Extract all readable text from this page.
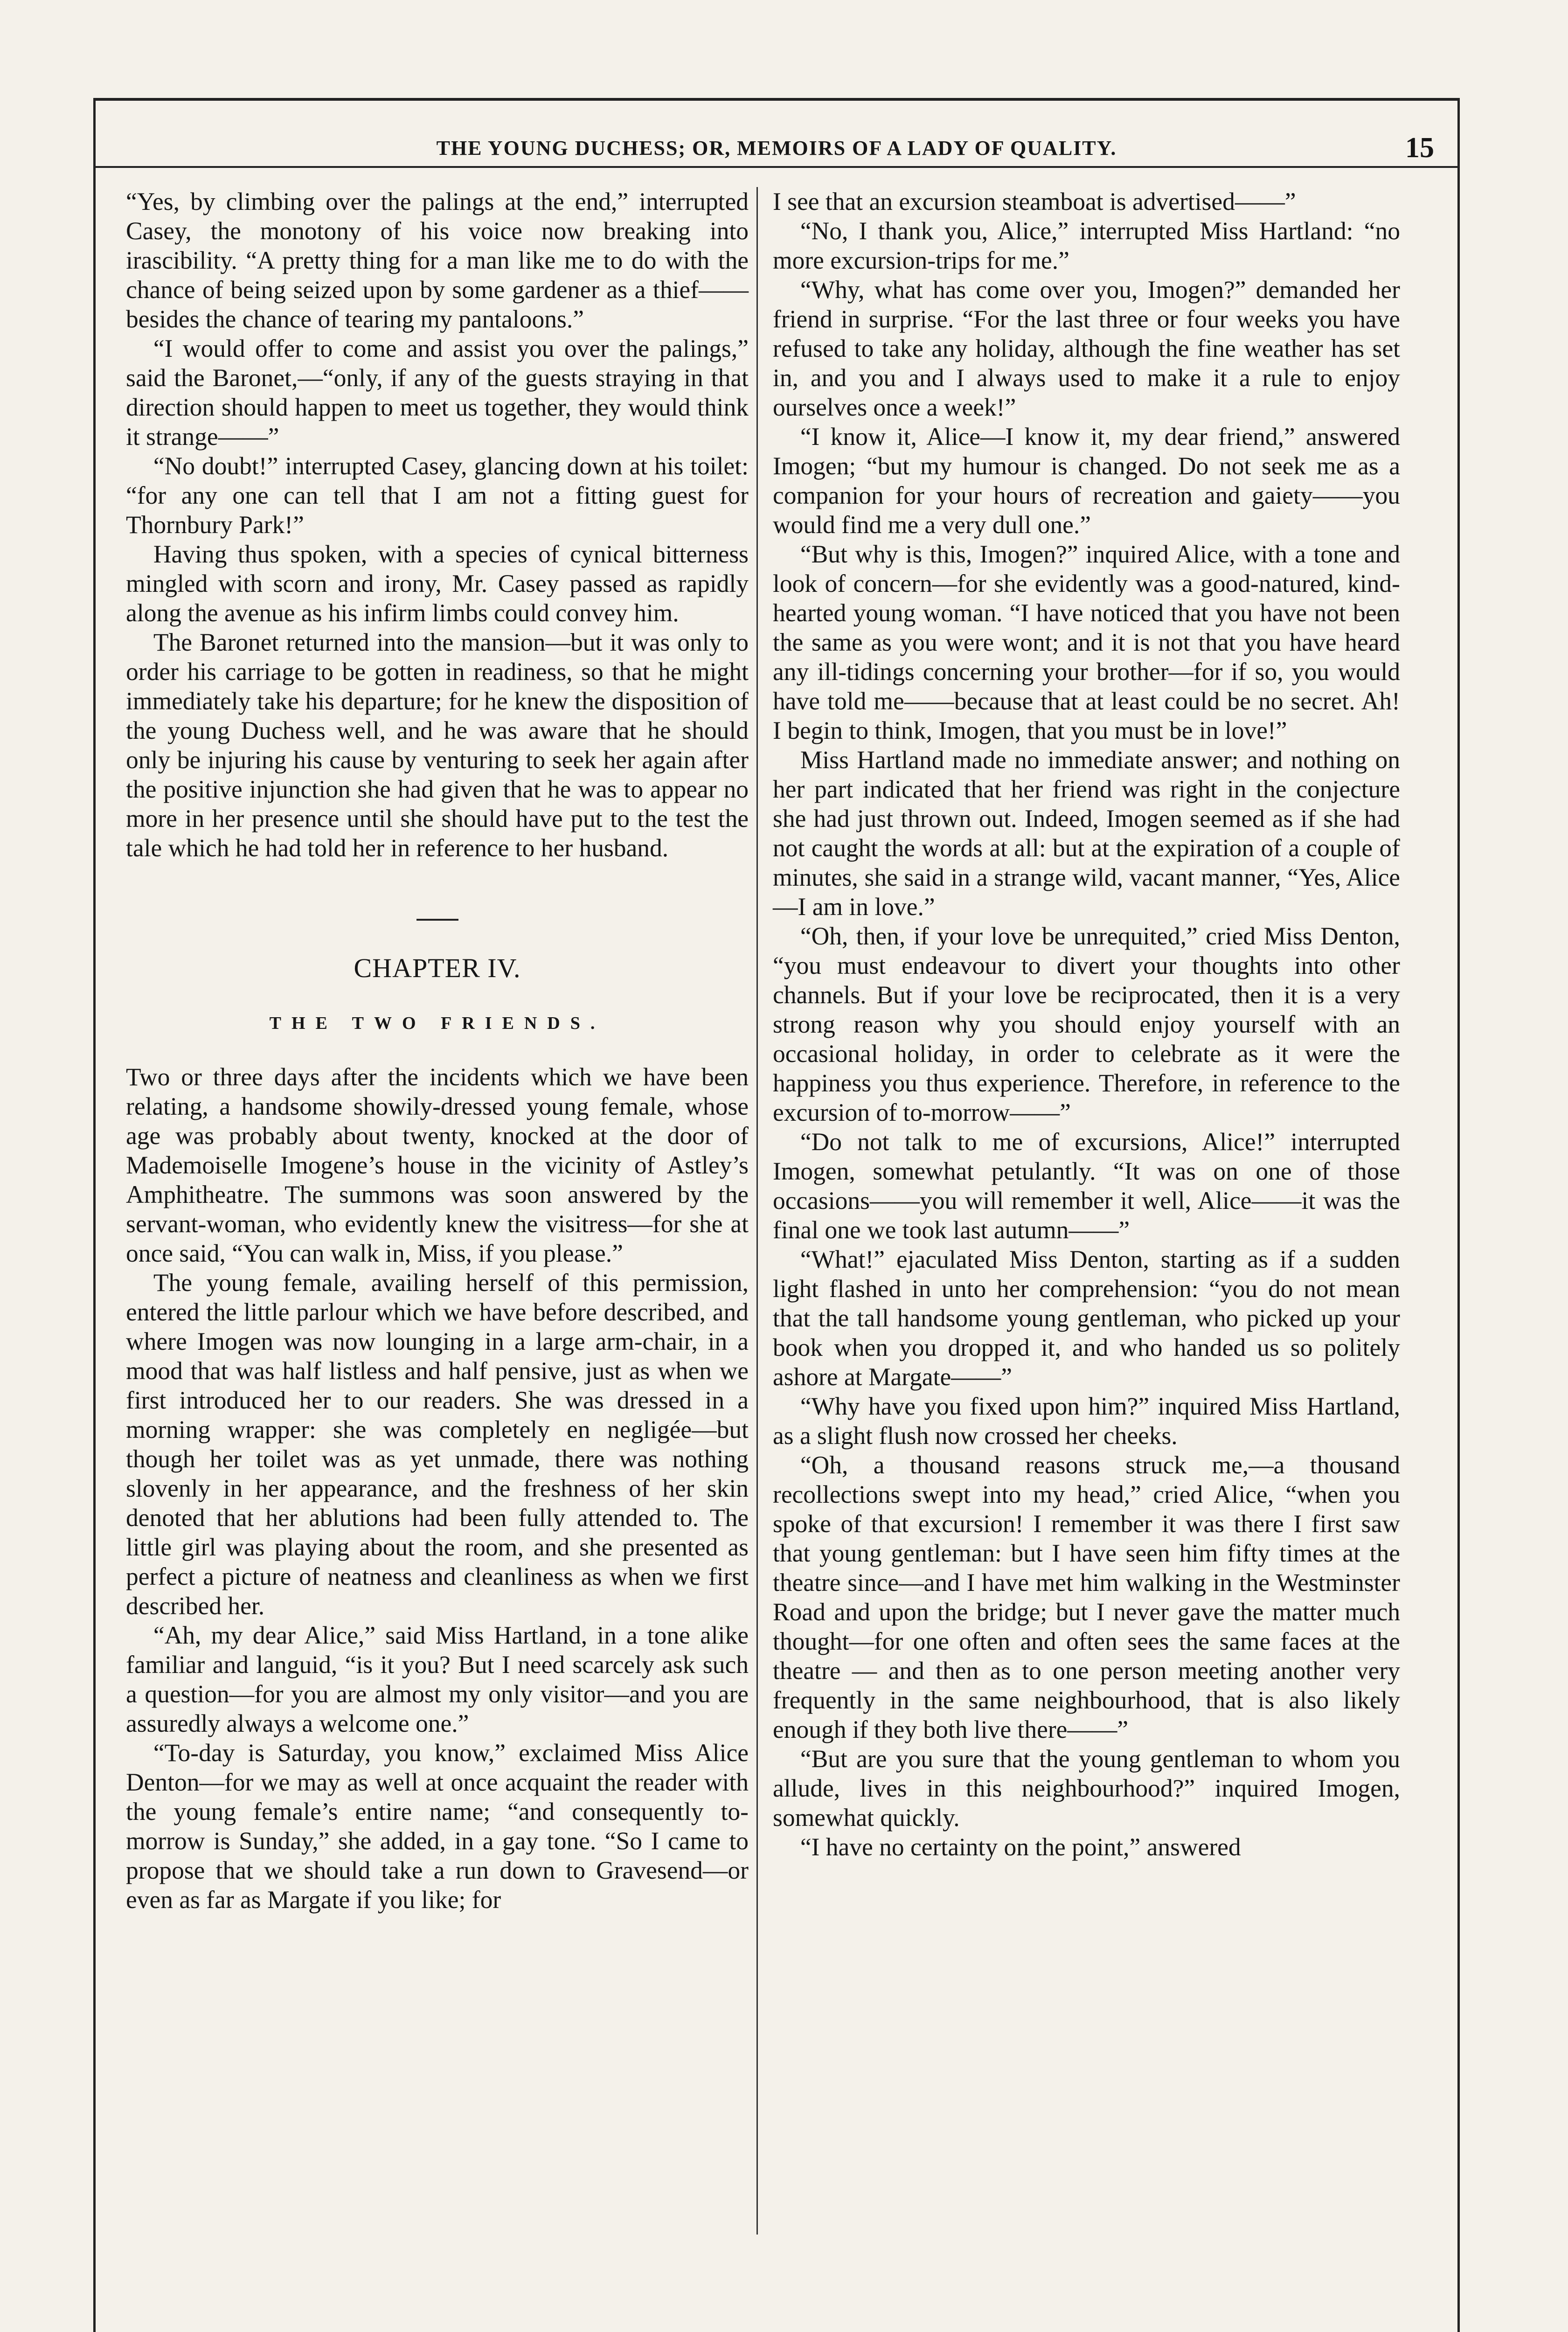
THE YOUNG DUCHESS; OR, MEMOIRS OF A LADY OF QUALITY.	15

“Yes, by climbing over the palings at the end,” interrupted Casey, the monotony of his voice now breaking into irascibility. “A pretty thing for a man like me to do with the chance of being seized upon by some gardener as a thief——besides the chance of tearing my pantaloons.”

“I would offer to come and assist you over the palings,” said the Baronet,—“only, if any of the guests straying in that direction should happen to meet us together, they would think it strange——”

“No doubt!” interrupted Casey, glancing down at his toilet: “for any one can tell that I am not a fitting guest for Thornbury Park!”

Having thus spoken, with a species of cynical bitterness mingled with scorn and irony, Mr. Casey passed as rapidly along the avenue as his infirm limbs could convey him.

The Baronet returned into the mansion—but it was only to order his carriage to be gotten in readiness, so that he might immediately take his departure; for he knew the disposition of the young Duchess well, and he was aware that he should only be injuring his cause by venturing to seek her again after the positive injunction she had given that he was to appear no more in her presence until she should have put to the test the tale which he had told her in reference to her husband.

CHAPTER IV.
THE TWO FRIENDS.

Two or three days after the incidents which we have been relating, a handsome showily-dressed young female, whose age was probably about twenty, knocked at the door of Mademoiselle Imogene’s house in the vicinity of Astley’s Amphitheatre. The summons was soon answered by the servant-woman, who evidently knew the visitress—for she at once said, “You can walk in, Miss, if you please.”

The young female, availing herself of this permission, entered the little parlour which we have before described, and where Imogen was now lounging in a large arm-chair, in a mood that was half listless and half pensive, just as when we first introduced her to our readers. She was dressed in a morning wrapper: she was completely en negligée—but though her toilet was as yet unmade, there was nothing slovenly in her appearance, and the freshness of her skin denoted that her ablutions had been fully attended to. The little girl was playing about the room, and she presented as perfect a picture of neatness and cleanliness as when we first described her.

“Ah, my dear Alice,” said Miss Hartland, in a tone alike familiar and languid, “is it you? But I need scarcely ask such a question—for you are almost my only visitor—and you are assuredly always a welcome one.”

“To-day is Saturday, you know,” exclaimed Miss Alice Denton—for we may as well at once acquaint the reader with the young female’s entire name; “and consequently to-morrow is Sunday,” she added, in a gay tone. “So I came to propose that we should take a run down to Gravesend—or even as far as Margate if you like; for

I see that an excursion steamboat is advertised——”

“No, I thank you, Alice,” interrupted Miss Hartland: “no more excursion-trips for me.”

“Why, what has come over you, Imogen?” demanded her friend in surprise. “For the last three or four weeks you have refused to take any holiday, although the fine weather has set in, and you and I always used to make it a rule to enjoy ourselves once a week!”

“I know it, Alice—I know it, my dear friend,” answered Imogen; “but my humour is changed. Do not seek me as a companion for your hours of recreation and gaiety——you would find me a very dull one.”

“But why is this, Imogen?” inquired Alice, with a tone and look of concern—for she evidently was a good-natured, kind-hearted young woman. “I have noticed that you have not been the same as you were wont; and it is not that you have heard any ill-tidings concerning your brother—for if so, you would have told me——because that at least could be no secret. Ah! I begin to think, Imogen, that you must be in love!”

Miss Hartland made no immediate answer; and nothing on her part indicated that her friend was right in the conjecture she had just thrown out. Indeed, Imogen seemed as if she had not caught the words at all: but at the expiration of a couple of minutes, she said in a strange wild, vacant manner, “Yes, Alice—I am in love.”

“Oh, then, if your love be unrequited,” cried Miss Denton, “you must endeavour to divert your thoughts into other channels. But if your love be reciprocated, then it is a very strong reason why you should enjoy yourself with an occasional holiday, in order to celebrate as it were the happiness you thus experience. Therefore, in reference to the excursion of to-morrow——”

“Do not talk to me of excursions, Alice!” interrupted Imogen, somewhat petulantly. “It was on one of those occasions——you will remember it well, Alice——it was the final one we took last autumn——”

“What!” ejaculated Miss Denton, starting as if a sudden light flashed in unto her comprehension: “you do not mean that the tall handsome young gentleman, who picked up your book when you dropped it, and who handed us so politely ashore at Margate——”

“Why have you fixed upon him?” inquired Miss Hartland, as a slight flush now crossed her cheeks.

“Oh, a thousand reasons struck me,—a thousand recollections swept into my head,” cried Alice, “when you spoke of that excursion! I remember it was there I first saw that young gentleman: but I have seen him fifty times at the theatre since—and I have met him walking in the Westminster Road and upon the bridge; but I never gave the matter much thought—for one often and often sees the same faces at the theatre — and then as to one person meeting another very frequently in the same neighbourhood, that is also likely enough if they both live there——”

“But are you sure that the young gentleman to whom you allude, lives in this neighbourhood?” inquired Imogen, somewhat quickly.

“I have no certainty on the point,” answered
